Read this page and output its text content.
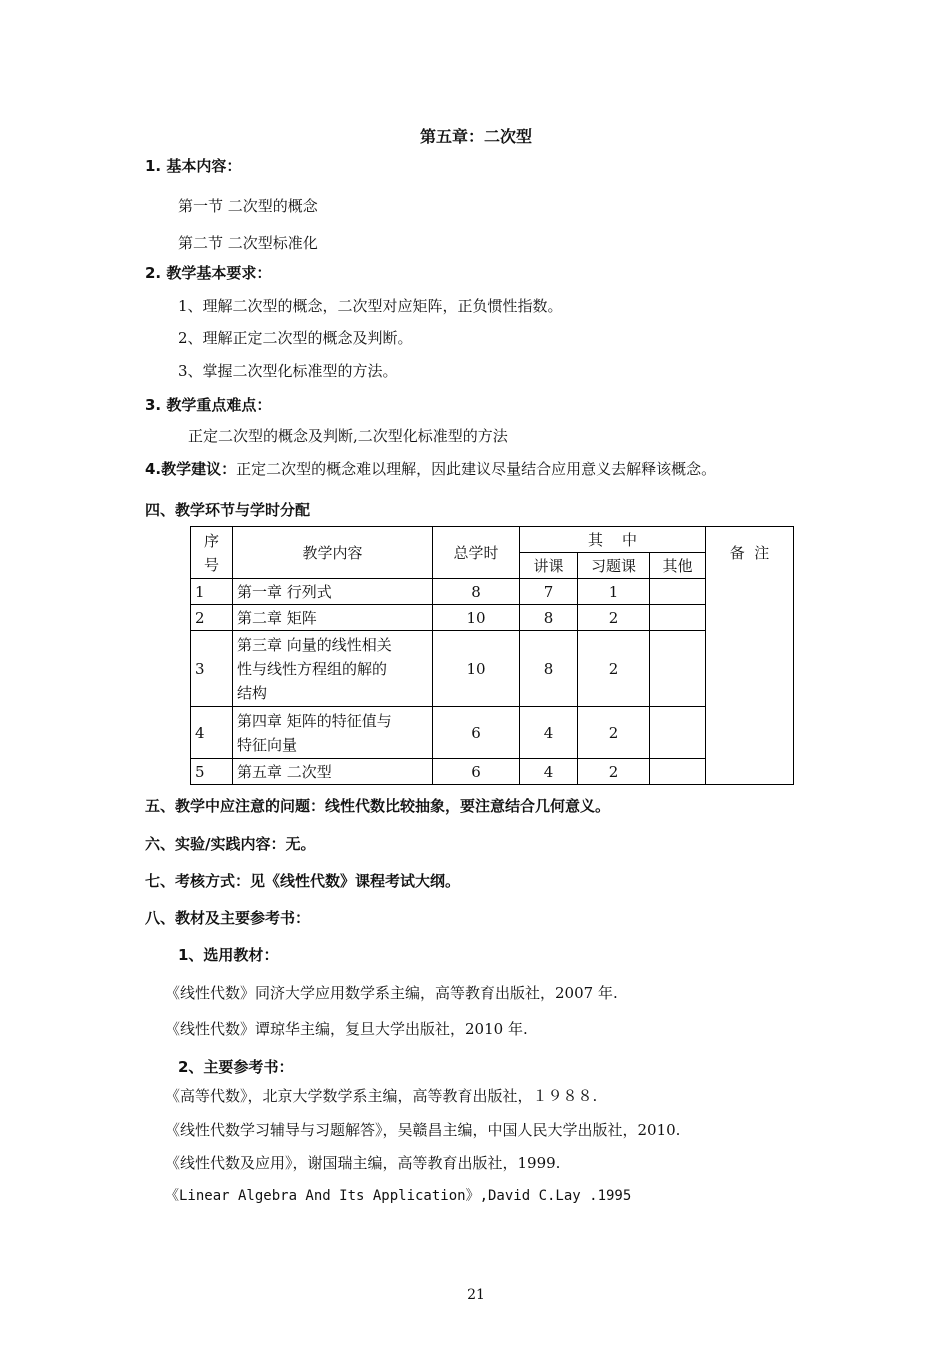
第五章：二次型
1. 基本内容：
第一节 二次型的概念
第二节 二次型标准化
2. 教学基本要求：
1、理解二次型的概念，二次型对应矩阵，正负惯性指数。
2、理解正定二次型的概念及判断。
3、掌握二次型化标准型的方法。
3. 教学重点难点：
正定二次型的概念及判断,二次型化标准型的方法
4.教学建议：正定二次型的概念难以理解，因此建议尽量结合应用意义去解释该概念。
四、教学环节与学时分配
序
号	教学内容	总学时	其    中			备  注
			讲课	习题课	其他	
1	第一章 行列式	8	7	1		
2	第二章 矩阵	10	8	2		
3	第三章 向量的线性相关
性与线性方程组的解的
结构	10	8	2		
4	第四章 矩阵的特征值与
特征向量	6	4	2		
5	第五章 二次型	6	4	2		
五、教学中应注意的问题：线性代数比较抽象，要注意结合几何意义。
六、实验/实践内容：无。
七、考核方式：见《线性代数》课程考试大纲。
八、教材及主要参考书：
1、选用教材：
《线性代数》同济大学应用数学系主编，高等教育出版社，2007 年.
《线性代数》谭琼华主编，复旦大学出版社，2010 年.
2、主要参考书：
《高等代数》，北京大学数学系主编，高等教育出版社，１９８８.
《线性代数学习辅导与习题解答》，吴赣昌主编，中国人民大学出版社，2010.
《线性代数及应用》，谢国瑞主编，高等教育出版社，1999.
《Linear Algebra And Its Application》,David C.Lay .1995
21
